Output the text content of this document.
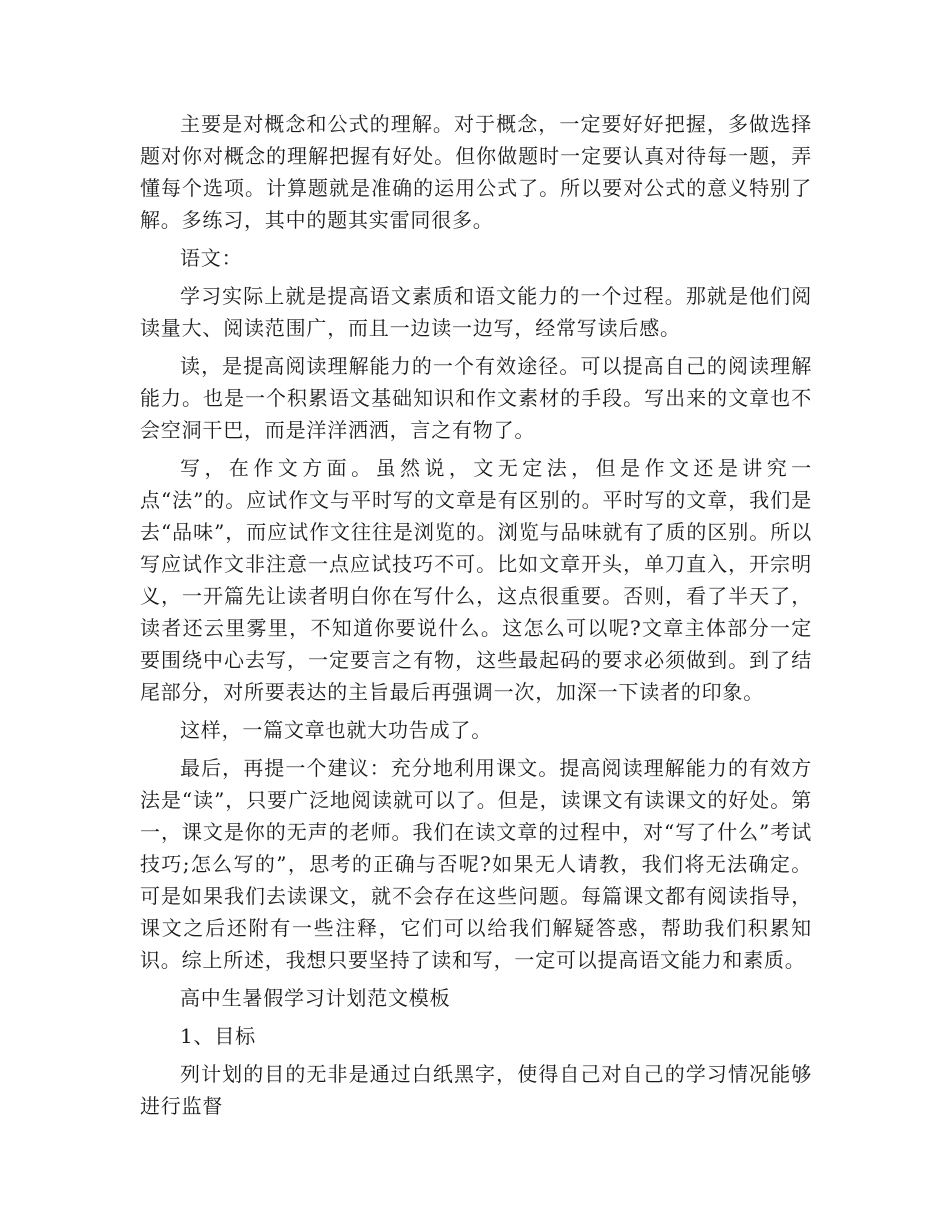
主要是对概念和公式的理解。对于概念，一定要好好把握，多做选择题对你对概念的理解把握有好处。但你做题时一定要认真对待每一题，弄懂每个选项。计算题就是准确的运用公式了。所以要对公式的意义特别了解。多练习，其中的题其实雷同很多。

语文：

学习实际上就是提高语文素质和语文能力的一个过程。那就是他们阅读量大、阅读范围广，而且一边读一边写，经常写读后感。

读，是提高阅读理解能力的一个有效途径。可以提高自己的阅读理解能力。也是一个积累语文基础知识和作文素材的手段。写出来的文章也不会空洞干巴，而是洋洋洒洒，言之有物了。

写，在作文方面。虽然说，文无定法，但是作文还是讲究一点“法”的。应试作文与平时写的文章是有区别的。平时写的文章，我们是去“品味”，而应试作文往往是浏览的。浏览与品味就有了质的区别。所以写应试作文非注意一点应试技巧不可。比如文章开头，单刀直入，开宗明义，一开篇先让读者明白你在写什么，这点很重要。否则，看了半天了，读者还云里雾里，不知道你要说什么。这怎么可以呢?文章主体部分一定要围绕中心去写，一定要言之有物，这些最起码的要求必须做到。到了结尾部分，对所要表达的主旨最后再强调一次，加深一下读者的印象。

这样，一篇文章也就大功告成了。

最后，再提一个建议：充分地利用课文。提高阅读理解能力的有效方法是“读”，只要广泛地阅读就可以了。但是，读课文有读课文的好处。第一，课文是你的无声的老师。我们在读文章的过程中，对“写了什么”考试技巧;怎么写的”，思考的正确与否呢?如果无人请教，我们将无法确定。可是如果我们去读课文，就不会存在这些问题。每篇课文都有阅读指导，课文之后还附有一些注释，它们可以给我们解疑答惑，帮助我们积累知识。综上所述，我想只要坚持了读和写，一定可以提高语文能力和素质。

高中生暑假学习计划范文模板

1、目标

列计划的目的无非是通过白纸黑字，使得自己对自己的学习情况能够进行监督
